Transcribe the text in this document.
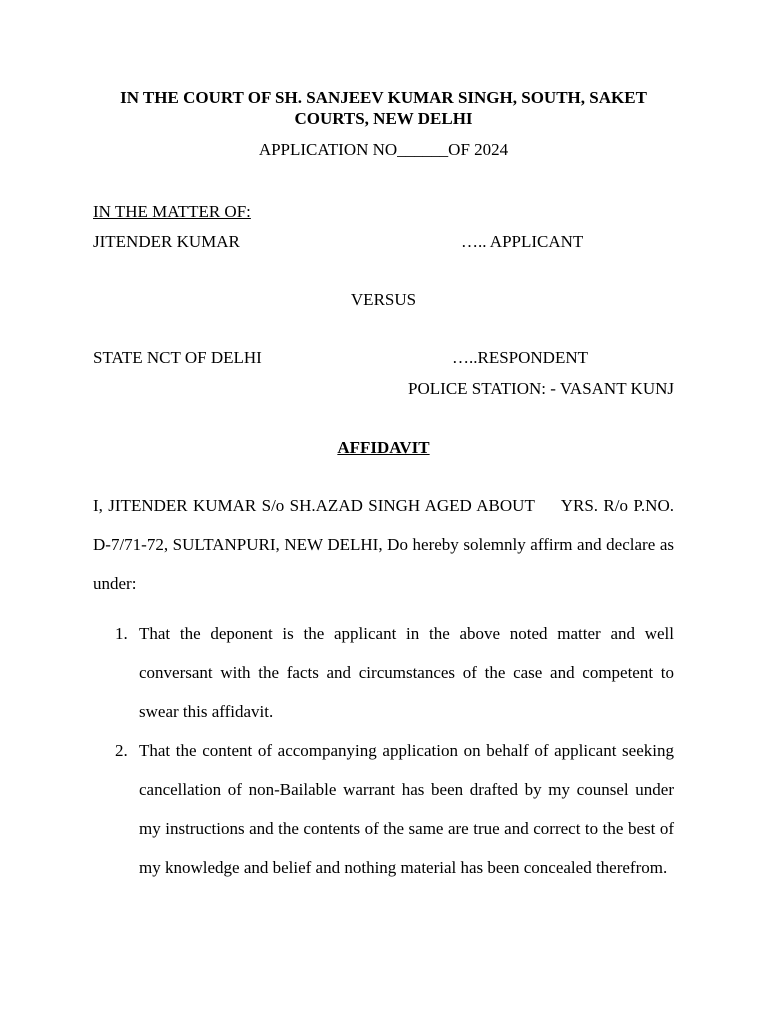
IN THE COURT OF SH. SANJEEV KUMAR SINGH, SOUTH, SAKET COURTS, NEW DELHI
APPLICATION NO______OF 2024
IN THE MATTER OF:
JITENDER KUMAR	….. APPLICANT
VERSUS
STATE NCT OF DELHI	…..RESPONDENT
POLICE STATION: - VASANT KUNJ
AFFIDAVIT
I, JITENDER KUMAR S/o SH.AZAD SINGH AGED ABOUT     YRS. R/o P.NO. D-7/71-72, SULTANPURI, NEW DELHI, Do hereby solemnly affirm and declare as under:
1. That the deponent is the applicant in the above noted matter and well conversant with the facts and circumstances of the case and competent to swear this affidavit.
2. That the content of accompanying application on behalf of applicant seeking cancellation of non-Bailable warrant has been drafted by my counsel under my instructions and the contents of the same are true and correct to the best of my knowledge and belief and nothing material has been concealed therefrom.
